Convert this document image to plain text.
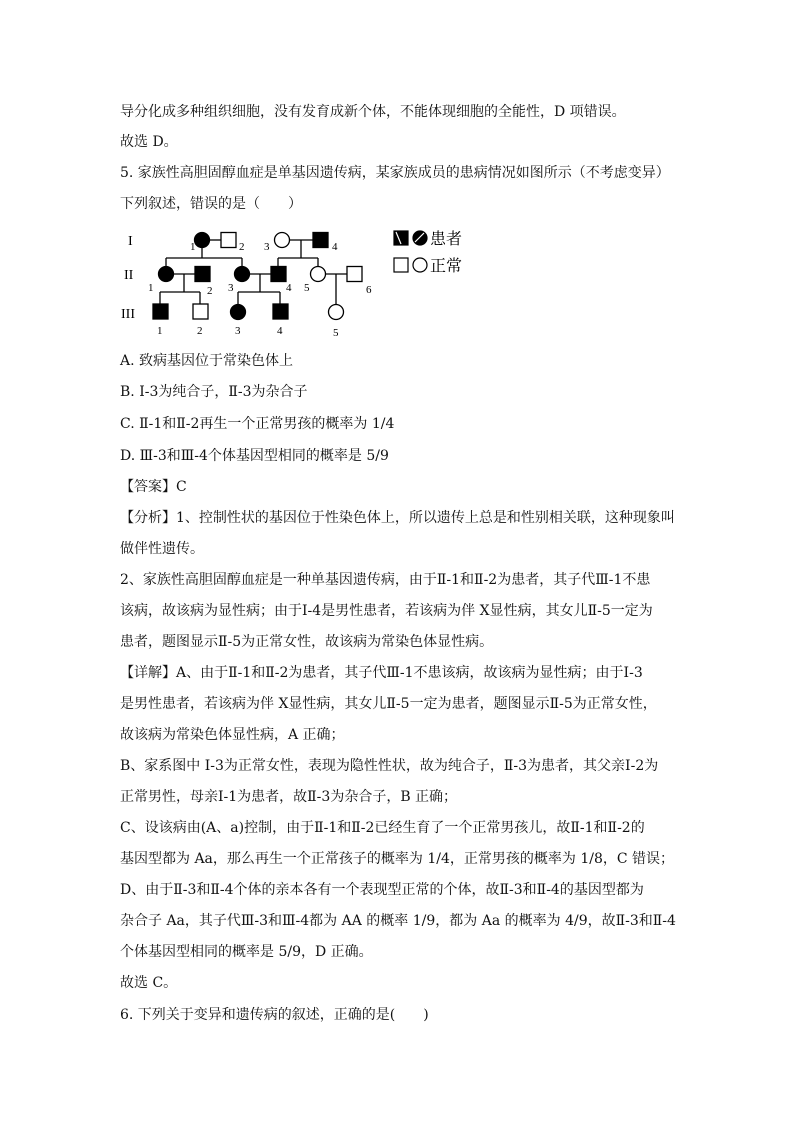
导分化成多种组织细胞，没有发育成新个体，不能体现细胞的全能性，D 项错误。
故选 D。
5. 家族性高胆固醇血症是单基因遗传病，某家族成员的患病情况如图所示（不考虑变异）
下列叙述，错误的是（　　）
I
II
III
1	2 3	4
1	2 3	4 5	6
1	2	3	4	5
患者
正常
A. 致病基因位于常染色体上
B. I-3为纯合子，Ⅱ-3为杂合子
C. Ⅱ-1和Ⅱ-2再生一个正常男孩的概率为 1/4
D. Ⅲ-3和Ⅲ-4个体基因型相同的概率是 5/9
【答案】C
【分析】1、控制性状的基因位于性染色体上，所以遗传上总是和性别相关联，这种现象叫
做伴性遗传。
2、家族性高胆固醇血症是一种单基因遗传病，由于Ⅱ-1和Ⅱ-2为患者，其子代Ⅲ-1不患
该病，故该病为显性病；由于Ⅰ-4是男性患者，若该病为伴 X显性病，其女儿Ⅱ-5一定为
患者，题图显示Ⅱ-5为正常女性，故该病为常染色体显性病。
【详解】A、由于Ⅱ-1和Ⅱ-2为患者，其子代Ⅲ-1不患该病，故该病为显性病；由于Ⅰ-3
是男性患者，若该病为伴 X显性病，其女儿Ⅱ-5一定为患者，题图显示Ⅱ-5为正常女性，
故该病为常染色体显性病，A 正确；
B、家系图中 I-3为正常女性，表现为隐性性状，故为纯合子，Ⅱ-3为患者，其父亲Ⅰ-2为
正常男性，母亲Ⅰ-1为患者，故Ⅱ-3为杂合子，B 正确；
C、设该病由(A、a)控制，由于Ⅱ-1和Ⅱ-2已经生育了一个正常男孩儿，故Ⅱ-1和Ⅱ-2的
基因型都为 Aa，那么再生一个正常孩子的概率为 1/4，正常男孩的概率为 1/8，C 错误；
D、由于Ⅱ-3和Ⅱ-4个体的亲本各有一个表现型正常的个体，故Ⅱ-3和Ⅱ-4的基因型都为
杂合子 Aa，其子代Ⅲ-3和Ⅲ-4都为 AA 的概率 1/9，都为 Aa 的概率为 4/9，故Ⅱ-3和Ⅱ-4
个体基因型相同的概率是 5/9，D 正确。
故选 C。
6. 下列关于变异和遗传病的叙述，正确的是(　　)
